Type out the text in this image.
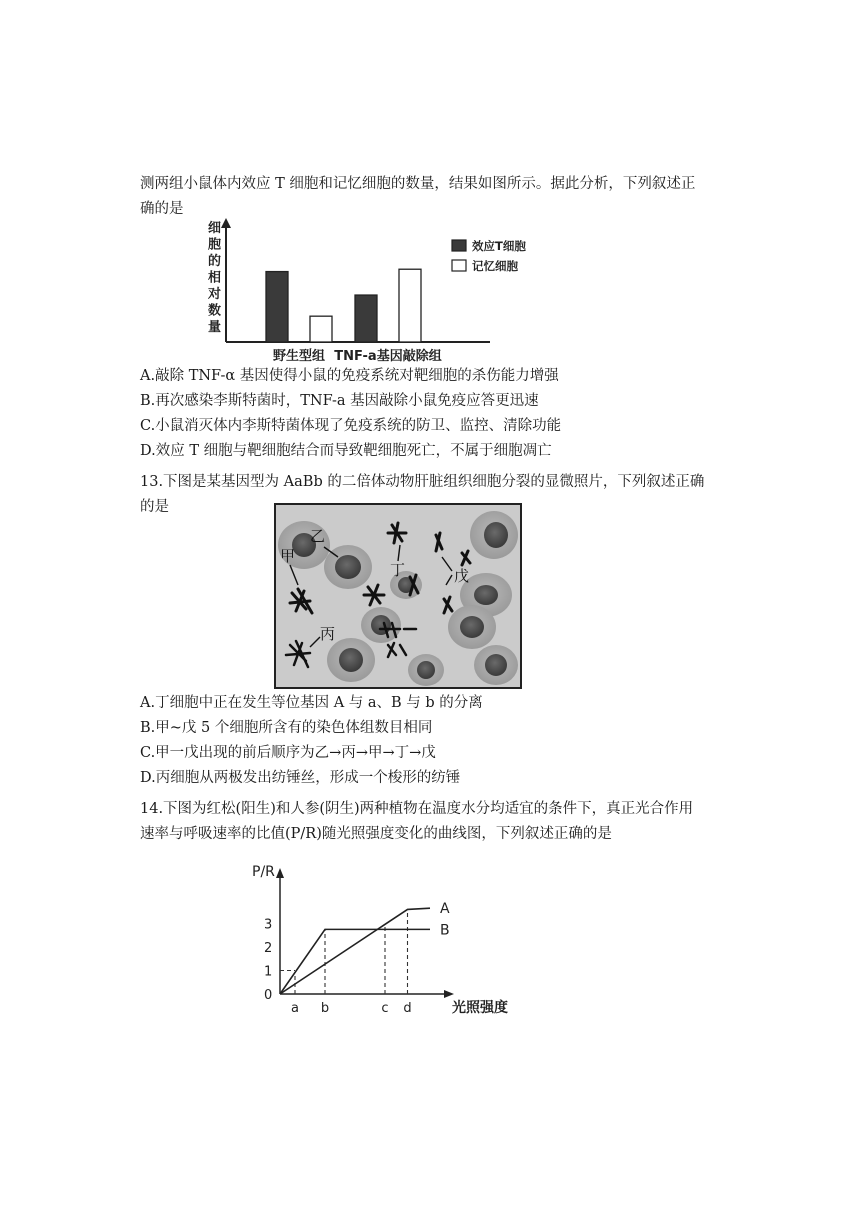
测两组小鼠体内效应 T 细胞和记忆细胞的数量，结果如图所示。据此分析，下列叙述正
确的是
细胞的相对数量
野生型组 TNF-a基因敲除组
效应T细胞
记忆细胞
A.敲除 TNF-α 基因使得小鼠的免疫系统对靶细胞的杀伤能力增强
B.再次感染李斯特菌时，TNF-a 基因敲除小鼠免疫应答更迅速
C.小鼠消灭体内李斯特菌体现了免疫系统的防卫、监控、清除功能
D.效应 T 细胞与靶细胞结合而导致靶细胞死亡，不属于细胞凋亡
13.下图是某基因型为 AaBb 的二倍体动物肝脏组织细胞分裂的显微照片，下列叙述正确
的是
甲
乙
丙
丁	戊
A.丁细胞中正在发生等位基因 A 与 a、B 与 b 的分离
B.甲~戊 5 个细胞所含有的染色体组数目相同
C.甲一戊出现的前后顺序为乙→丙→甲→丁→戊
D.丙细胞从两极发出纺锤丝，形成一个梭形的纺锤
14.下图为红松(阳生)和人参(阴生)两种植物在温度水分均适宜的条件下，真正光合作用
速率与呼吸速率的比值(P/R)随光照强度变化的曲线图，下列叙述正确的是
P/R
光照强度
A
B
0
1
2
3
a b	c d
